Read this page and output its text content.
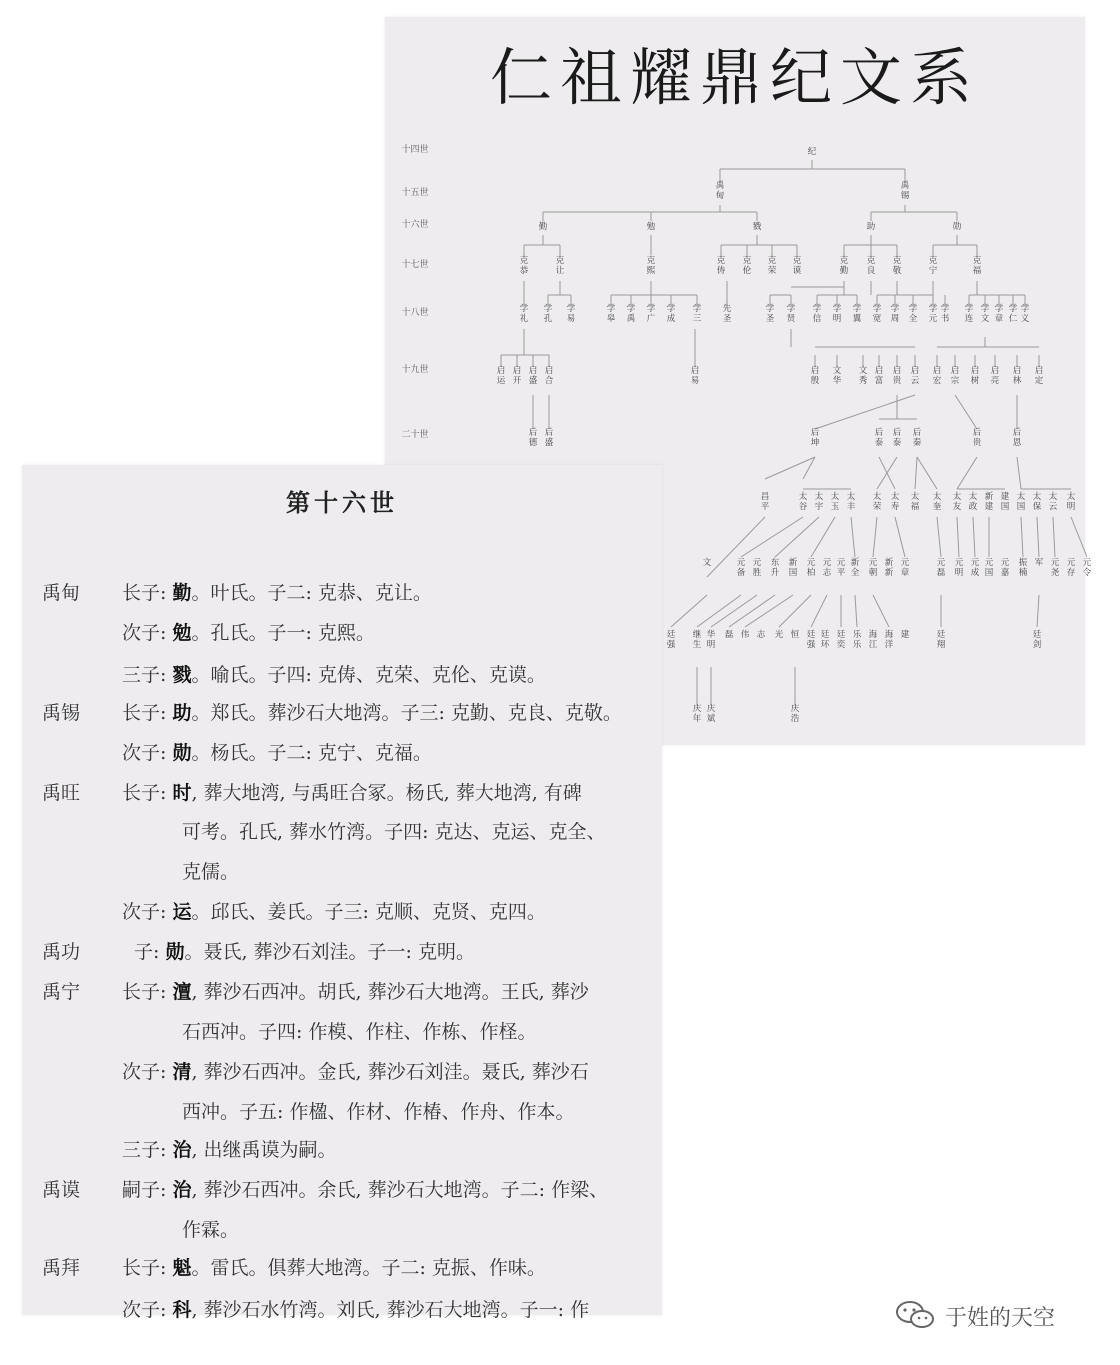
仁祖耀鼎纪文系
十四世
十五世
十六世
十七世
十八世
十九世
二十世
纪
禹甸
禹锡
勤	勉	戮	助	勋
克恭
克让
克熙
克俦
克伦
克荣
克谟
克勤
克良
克敬
克宁
克福
学礼
学孔
学易
学皋
学禹
学广
学成
学三
先圣
学圣
学贤
学信
学明
学翼
学宽
学周
学全
学元
学书
学连
学文
学章
学仁
学义
启运
启开
启盛
启合
启易
启殷
文华
文秀
启富
启贵
启云
启宏
启宗
启树
启亮
启林
启定
后德
后盛
后坤
后泰
后泰
后秦
后贵
后恩
昌平
太谷
太宇
太玉
太丰
太荣
太寿
太福
太奎
太友
太政
新建
建国
太国
太保
太云
太明
文	元备
元胜
东升
新国
元柏
元志
元平
新全
元朝
新新
元章
元磊
元明
元成
元国
元嘉
振楠
军 元尧
元存
元令
廷强
继生
华明
磊 伟 志 光 恒 廷强
廷环
廷奕
乐乐
海江
海洋
建	廷翔
廷剑
庆年
庆斌
庆浩
第十六世
禹甸 长子: 勤。叶氏。子二: 克恭、克让。
次子: 勉。孔氏。子一: 克熙。
三子: 戮。喻氏。子四: 克俦、克荣、克伦、克谟。
禹锡 长子: 助。郑氏。葬沙石大地湾。子三: 克勤、克良、克敬。
次子: 勋。杨氏。子二: 克宁、克福。
禹旺 长子: 时, 葬大地湾, 与禹旺合冢。杨氏, 葬大地湾, 有碑
可考。孔氏, 葬水竹湾。子四: 克达、克运、克全、
克儒。
次子: 运。邱氏、姜氏。子三: 克顺、克贤、克四。
禹功	子: 勋。聂氏, 葬沙石刘洼。子一: 克明。
禹宁 长子: 澶, 葬沙石西冲。胡氏, 葬沙石大地湾。王氏, 葬沙
石西冲。子四: 作模、作柱、作栋、作柽。
次子: 清, 葬沙石西冲。金氏, 葬沙石刘洼。聂氏, 葬沙石
西冲。子五: 作楹、作材、作椿、作舟、作本。
三子: 治, 出继禹谟为嗣。
禹谟 嗣子: 治, 葬沙石西冲。余氏, 葬沙石大地湾。子二: 作梁、
作霖。
禹拜 长子: 魁。雷氏。俱葬大地湾。子二: 克振、作味。
次子: 科, 葬沙石水竹湾。刘氏, 葬沙石大地湾。子一: 作	于姓的天空
